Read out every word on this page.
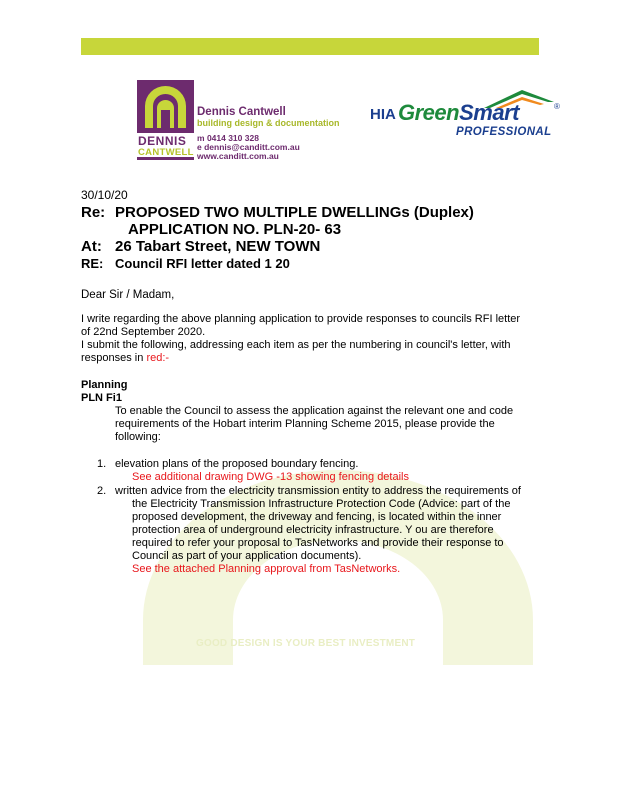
GOOD DESIGN IS YOUR BEST INVESTMENT
DENNIS
CANTWELL
Dennis Cantwell
building design & documentation
m 0414 310 328
e dennis@canditt.com.au
www.canditt.com.au
HIA GreenSmart	®
PROFESSIONAL
30/10/20
Re: PROPOSED TWO MULTIPLE DWELLINGs (Duplex)
APPLICATION NO. PLN-20- 63
At: 26 Tabart Street, NEW TOWN
RE: Council RFI letter dated 1 20
Dear Sir / Madam,
I write regarding the above planning application to provide responses to councils RFI letter
of 22nd September 2020.
I submit the following, addressing each item as per the numbering in council's letter, with
responses in red:-
Planning
PLN Fi1
To enable the Council to assess the application against the relevant one and code
requirements of the Hobart interim Planning Scheme 2015, please provide the
following:
1. elevation plans of the proposed boundary fencing.
See additional drawing DWG -13 showing fencing details
2. written advice from the electricity transmission entity to address the requirements of
the Electricity Transmission Infrastructure Protection Code (Advice: part of the
proposed development, the driveway and fencing, is located within the inner
protection area of underground electricity infrastructure. Y ou are therefore
required to refer your proposal to TasNetworks and provide their response to
Council as part of your application documents).
See the attached Planning approval from TasNetworks.
